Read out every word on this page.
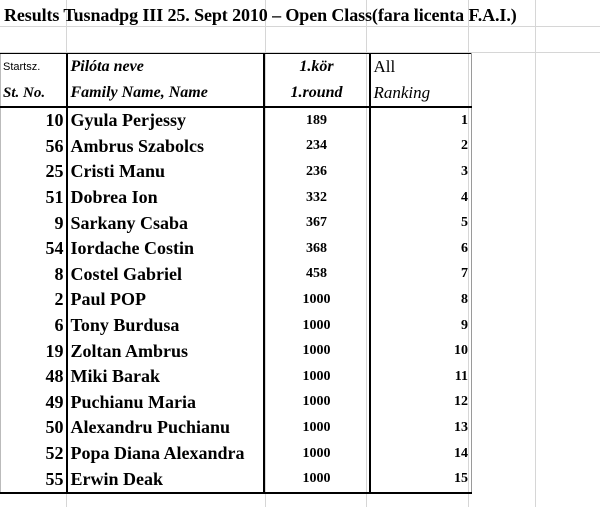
Results Tusnadpg III 25. Sept 2010 – Open Class(fara licenta F.A.I.)
Startsz.	Pilóta neve	1.kör	All
St. No.	Family Name, Name	1.round	Ranking
10	Gyula Perjessy	189	1
56	Ambrus Szabolcs	234	2
25	Cristi Manu	236	3
51	Dobrea Ion	332	4
9	Sarkany Csaba	367	5
54	Iordache Costin	368	6
8	Costel Gabriel	458	7
2	Paul POP	1000	8
6	Tony Burdusa	1000	9
19	Zoltan Ambrus	1000	10
48	Miki Barak	1000	11
49	Puchianu Maria	1000	12
50	Alexandru Puchianu	1000	13
52	Popa Diana Alexandra	1000	14
55	Erwin Deak	1000	15
